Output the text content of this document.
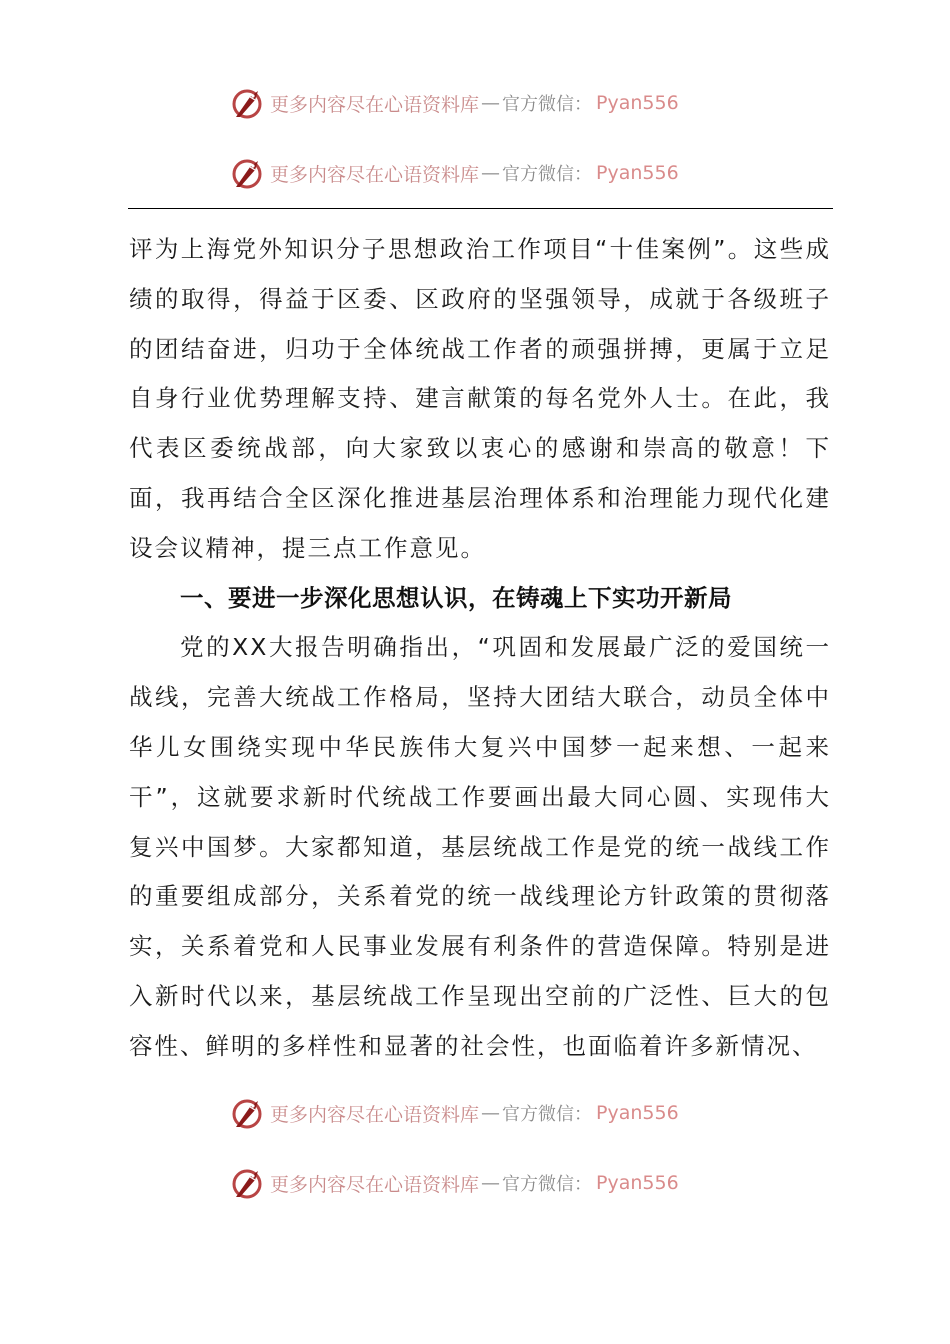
更多内容尽在心语资料库 — 官方微信： Pyan556
更多内容尽在心语资料库 — 官方微信： Pyan556

评为上海党外知识分子思想政治工作项目“十佳案例”。这些成绩的取得，得益于区委、区政府的坚强领导，成就于各级班子的团结奋进，归功于全体统战工作者的顽强拼搏，更属于立足自身行业优势理解支持、建言献策的每名党外人士。在此，我代表区委统战部，向大家致以衷心的感谢和崇高的敬意！下面，我再结合全区深化推进基层治理体系和治理能力现代化建设会议精神，提三点工作意见。

一、要进一步深化思想认识，在铸魂上下实功开新局

党的XX大报告明确指出，“巩固和发展最广泛的爱国统一战线，完善大统战工作格局，坚持大团结大联合，动员全体中华儿女围绕实现中华民族伟大复兴中国梦一起来想、一起来干”，这就要求新时代统战工作要画出最大同心圆、实现伟大复兴中国梦。大家都知道，基层统战工作是党的统一战线工作的重要组成部分，关系着党的统一战线理论方针政策的贯彻落实，关系着党和人民事业发展有利条件的营造保障。特别是进入新时代以来，基层统战工作呈现出空前的广泛性、巨大的包容性、鲜明的多样性和显著的社会性，也面临着许多新情况、

更多内容尽在心语资料库 — 官方微信： Pyan556
更多内容尽在心语资料库 — 官方微信： Pyan556
